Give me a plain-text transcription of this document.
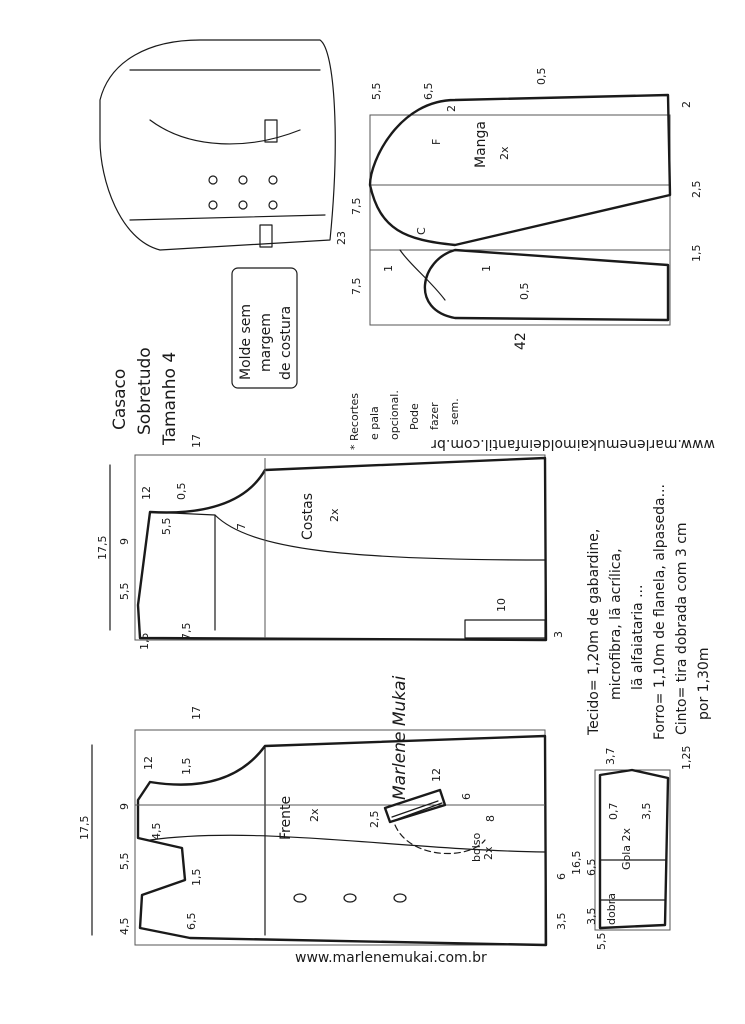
Frente 2x
bolso 2x
17
17,5
9
5,5
12 1,5
4,5
1,5
6,5
4,5
6
3,5
12
2,5
6
8
Costas 2x
17
17,5
12 0,5
5,5
9
5,5
7
7,5
1,5
10
3
Manga 2x
C
F
42
23
7,5
7,5
5,5	6,5
0,5
2
2,5
1,5
1	1
0,5
2
Gola 2x
dobra
16,5
3,7	1,25
0,7 3,5
6,5
3,5
5,5
Casaco Sobretudo Tamanho 4
Molde sem margem de costura
* Recortes e pala opcional. Pode fazer sem.
Tecido= 1,20m de gabardine, microfibra, lã acrílica, lã alfaiataria ... Forro= 1,10m de flanela, alpaseda... Cinto= tira dobrada com 3 cm por 1,30m
Marlene Mukai
www.marlenemukaimoldeinfantil.com.br
www.marlenemukai.com.br
